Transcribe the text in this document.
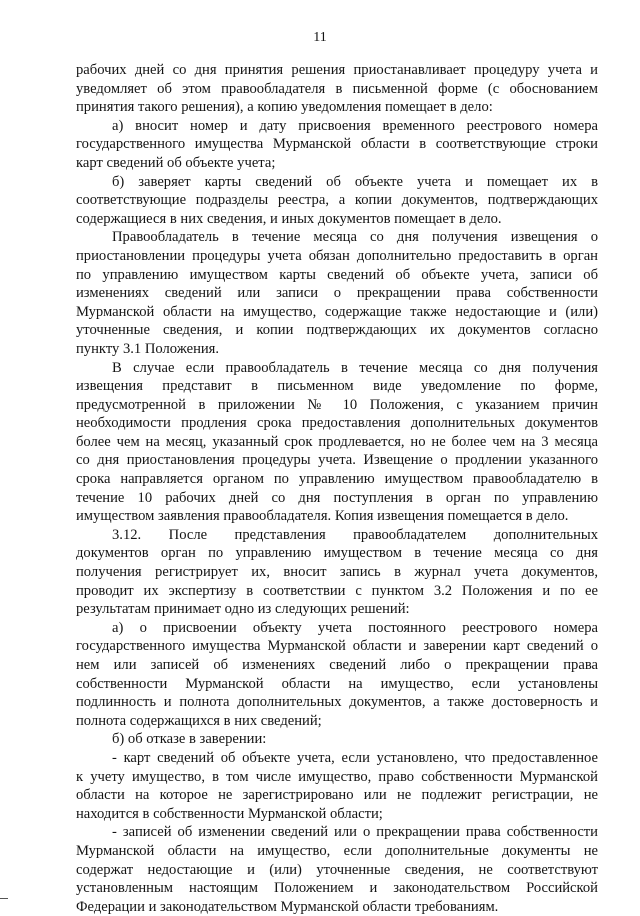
11
рабочих дней со дня принятия решения приостанавливает процедуру учета и
уведомляет об этом правообладателя в письменной форме (с обоснованием
принятия такого решения), а копию уведомления помещает в дело:
а) вносит номер и дату присвоения временного реестрового номера
государственного имущества Мурманской области в соответствующие строки
карт сведений об объекте учета;
б) заверяет карты сведений об объекте учета и помещает их в
соответствующие подразделы реестра, а копии документов, подтверждающих
содержащиеся в них сведения, и иных документов помещает в дело.
Правообладатель в течение месяца со дня получения извещения о
приостановлении процедуры учета обязан дополнительно предоставить в орган
по управлению имуществом карты сведений об объекте учета, записи об
изменениях сведений или записи о прекращении права собственности
Мурманской области на имущество, содержащие также недостающие и (или)
уточненные сведения, и копии подтверждающих их документов согласно
пункту 3.1 Положения.
В случае если правообладатель в течение месяца со дня получения
извещения представит в письменном виде уведомление по форме,
предусмотренной в приложении № 10 Положения, с указанием причин
необходимости продления срока предоставления дополнительных документов
более чем на месяц, указанный срок продлевается, но не более чем на 3 месяца
со дня приостановления процедуры учета. Извещение о продлении указанного
срока направляется органом по управлению имуществом правообладателю в
течение 10 рабочих дней со дня поступления в орган по управлению
имуществом заявления правообладателя. Копия извещения помещается в дело.
3.12. После представления правообладателем дополнительных
документов орган по управлению имуществом в течение месяца со дня
получения регистрирует их, вносит запись в журнал учета документов,
проводит их экспертизу в соответствии с пунктом 3.2 Положения и по ее
результатам принимает одно из следующих решений:
а) о присвоении объекту учета постоянного реестрового номера
государственного имущества Мурманской области и заверении карт сведений о
нем или записей об изменениях сведений либо о прекращении права
собственности Мурманской области на имущество, если установлены
подлинность и полнота дополнительных документов, а также достоверность и
полнота содержащихся в них сведений;
б) об отказе в заверении:
- карт сведений об объекте учета, если установлено, что предоставленное
к учету имущество, в том числе имущество, право собственности Мурманской
области на которое не зарегистрировано или не подлежит регистрации, не
находится в собственности Мурманской области;
- записей об изменении сведений или о прекращении права собственности
Мурманской области на имущество, если дополнительные документы не
содержат недостающие и (или) уточненные сведения, не соответствуют
установленным настоящим Положением и законодательством Российской
Федерации и законодательством Мурманской области требованиям.
